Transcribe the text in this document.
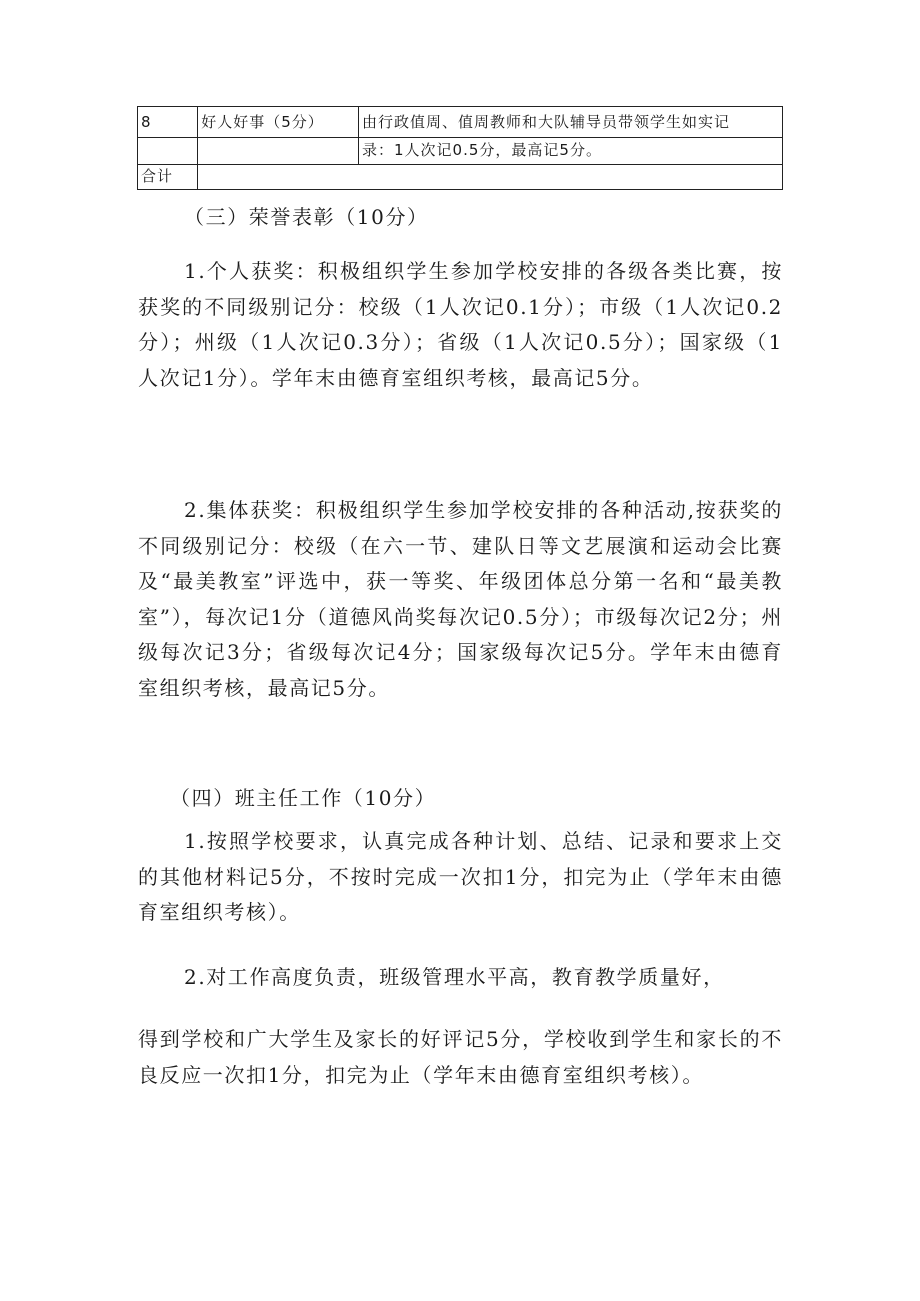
8	好人好事（5分）	由行政值周、值周教师和大队辅导员带领学生如实记
		录：1人次记0.5分，最高记5分。
合计		

（三）荣誉表彰（10分）

1.个人获奖：积极组织学生参加学校安排的各级各类比赛，按获奖的不同级别记分：校级（1人次记0.1分）；市级（1人次记0.2分）；州级（1人次记0.3分）；省级（1人次记0.5分）；国家级（1人次记1分）。学年末由德育室组织考核，最高记5分。

2.集体获奖：积极组织学生参加学校安排的各种活动,按获奖的不同级别记分：校级（在六一节、建队日等文艺展演和运动会比赛及“最美教室”评选中，获一等奖、年级团体总分第一名和“最美教室”），每次记1分（道德风尚奖每次记0.5分）；市级每次记2分；州级每次记3分；省级每次记4分；国家级每次记5分。学年末由德育室组织考核，最高记5分。

（四）班主任工作（10分）

1.按照学校要求，认真完成各种计划、总结、记录和要求上交的其他材料记5分，不按时完成一次扣1分，扣完为止（学年末由德育室组织考核）。

2.对工作高度负责，班级管理水平高，教育教学质量好，

得到学校和广大学生及家长的好评记5分，学校收到学生和家长的不良反应一次扣1分，扣完为止（学年末由德育室组织考核）。
